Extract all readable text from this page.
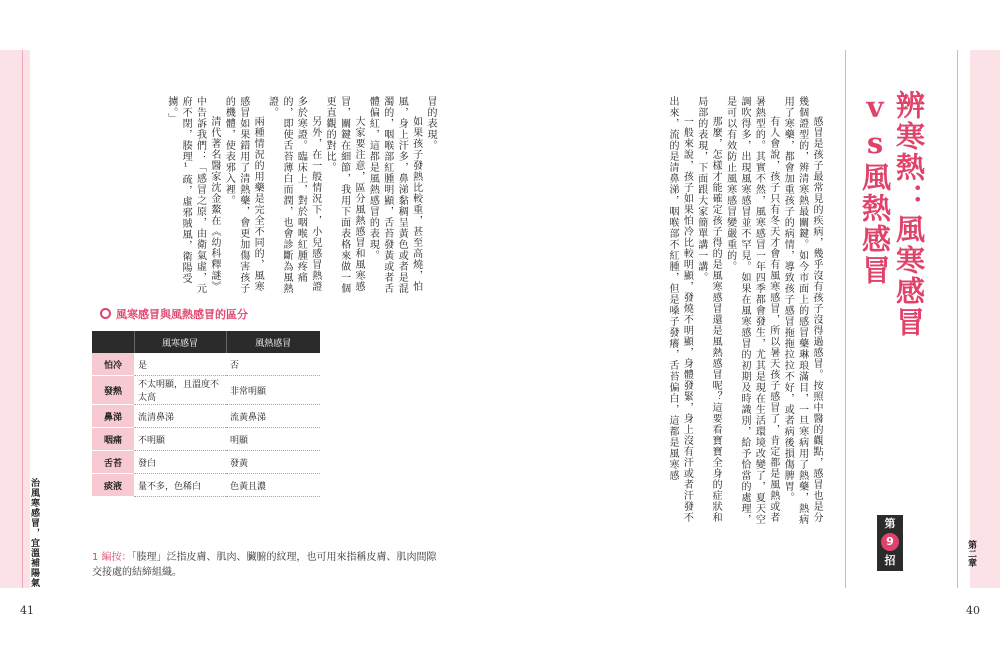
治風寒感冒，宜溫補陽氣
41
第二章
40
辨寒熱：風寒感冒vs風熱感冒
第
9
招

感冒是孩子最常見的疾病，幾乎沒有孩子沒得過感冒。按照中醫的觀點，感冒也是分幾個證型的，辨清寒熱最關鍵。如今市面上的感冒藥琳琅滿目，一旦寒病用了熱藥，熱病用了寒藥，都會加重孩子的病情，導致孩子感冒拖拖拉拉不好，或者病後損傷脾胃。

有人會說，孩子只有冬天才會有風寒感冒，所以暑天孩子感冒了，肯定都是風熱或者暑熱型的。其實不然，風寒感冒一年四季都會發生，尤其是現在生活環境改變了，夏天空調吹得多，出現風寒感冒並不罕見。如果在風寒感冒的初期及時識別，給予恰當的處理，是可以有效防止風寒感冒變嚴重的。

那麼，怎樣才能確定孩子得的是風寒感冒還是風熱感冒呢？這要看寶寶全身的症狀和局部的表現，下面跟大家簡單講一講。

一般來說，孩子如果怕冷比較明顯，發燒不明顯，身體發緊，身上沒有汗或者汗發不出來，流的是清鼻涕，咽喉部不紅腫，但是嗓子發癢，舌苔偏白，這都是風寒感

冒的表現。

如果孩子發熱比較重，甚至高燒，怕風，身上汗多，鼻涕黏稠呈黃色或者是混濁的，咽喉部紅腫明顯，舌苔發黃或者舌體偏紅，這都是風熱感冒的表現。

大家要注意，區分風熱感冒和風寒感冒，關鍵在細節，我用下面表格來做一個更直觀的對比。

另外，在一般情況下，小兒感冒熱證多於寒證。臨床上，對於咽喉紅腫疼痛的，即使舌苔薄白而潤，也會診斷為風熱證。

兩種情況的用藥是完全不同的，風寒感冒如果錯用了清熱藥，會更加傷害孩子的機體，使表邪入裡。

清代著名醫家沈金鰲在《幼科釋謎》中告訴我們：「感冒之原，由衛氣虛，元府不閉，腠理¹疏，虛邪賊風，衛陽受擄。」

風寒感冒與風熱感冒的區分
	風寒感冒	風熱感冒
怕冷	是	否
發熱	不太明顯，且溫度不太高	非常明顯
鼻涕	流清鼻涕	流黃鼻涕
咽痛	不明顯	明顯
舌苔	發白	發黃
痰液	量不多，色稀白	色黃且濃
1 編按：「腠理」泛指皮膚、肌肉、臟腑的紋理，也可用來指稱皮膚、肌肉間隙交接處的結締組織。
